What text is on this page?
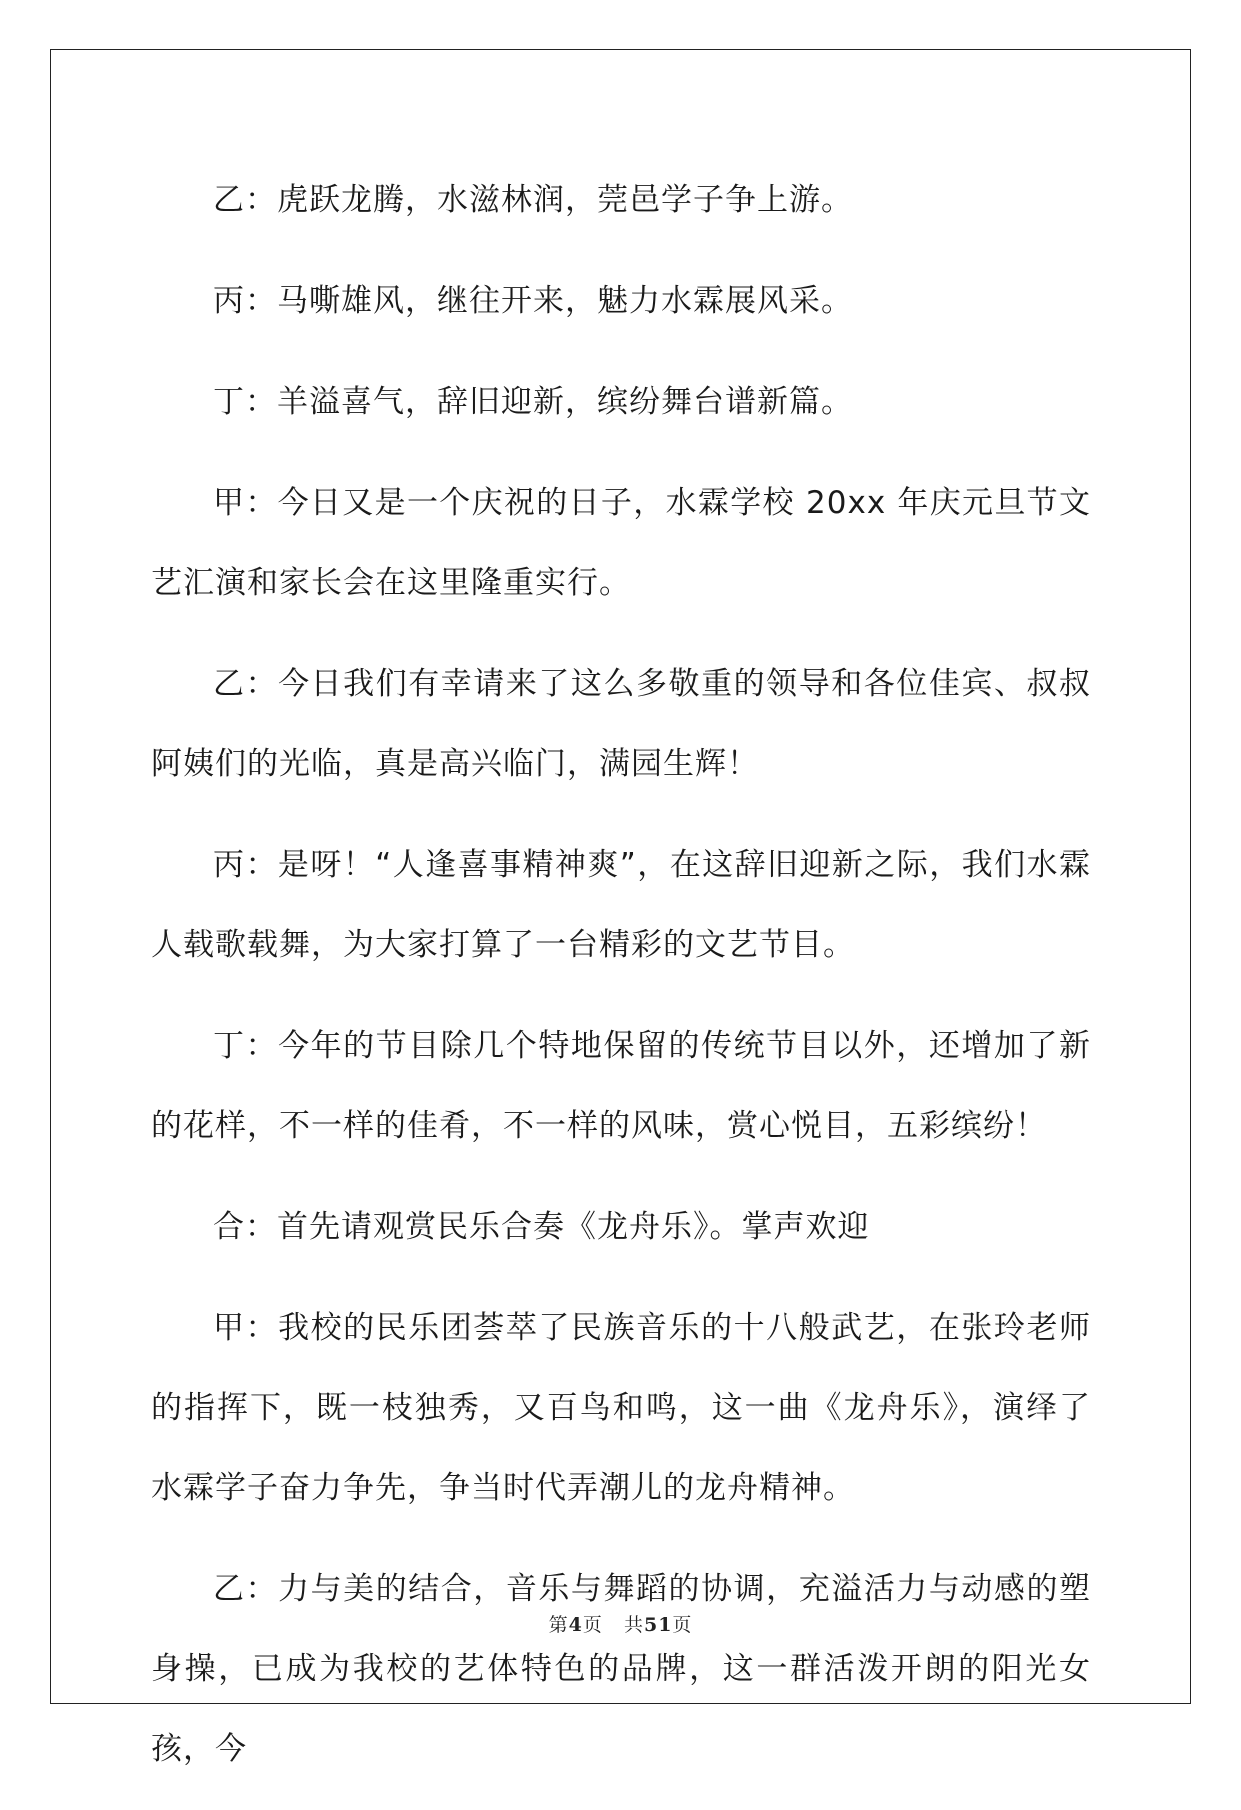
乙：虎跃龙腾，水滋林润，莞邑学子争上游。

丙：马嘶雄风，继往开来，魅力水霖展风采。

丁：羊溢喜气，辞旧迎新，缤纷舞台谱新篇。

甲：今日又是一个庆祝的日子，水霖学校 20xx 年庆元旦节文艺汇演和家长会在这里隆重实行。

乙：今日我们有幸请来了这么多敬重的领导和各位佳宾、叔叔阿姨们的光临，真是高兴临门，满园生辉！

丙：是呀！“人逢喜事精神爽”，在这辞旧迎新之际，我们水霖人载歌载舞，为大家打算了一台精彩的文艺节目。

丁：今年的节目除几个特地保留的传统节目以外，还增加了新的花样，不一样的佳肴，不一样的风味，赏心悦目，五彩缤纷！

合：首先请观赏民乐合奏《龙舟乐》。掌声欢迎

甲：我校的民乐团荟萃了民族音乐的十八般武艺，在张玲老师的指挥下，既一枝独秀，又百鸟和鸣，这一曲《龙舟乐》，演绎了水霖学子奋力争先，争当时代弄潮儿的龙舟精神。

乙：力与美的结合，音乐与舞蹈的协调，充溢活力与动感的塑身操，已成为我校的艺体特色的品牌，这一群活泼开朗的阳光女孩，今

第4页 共51页
